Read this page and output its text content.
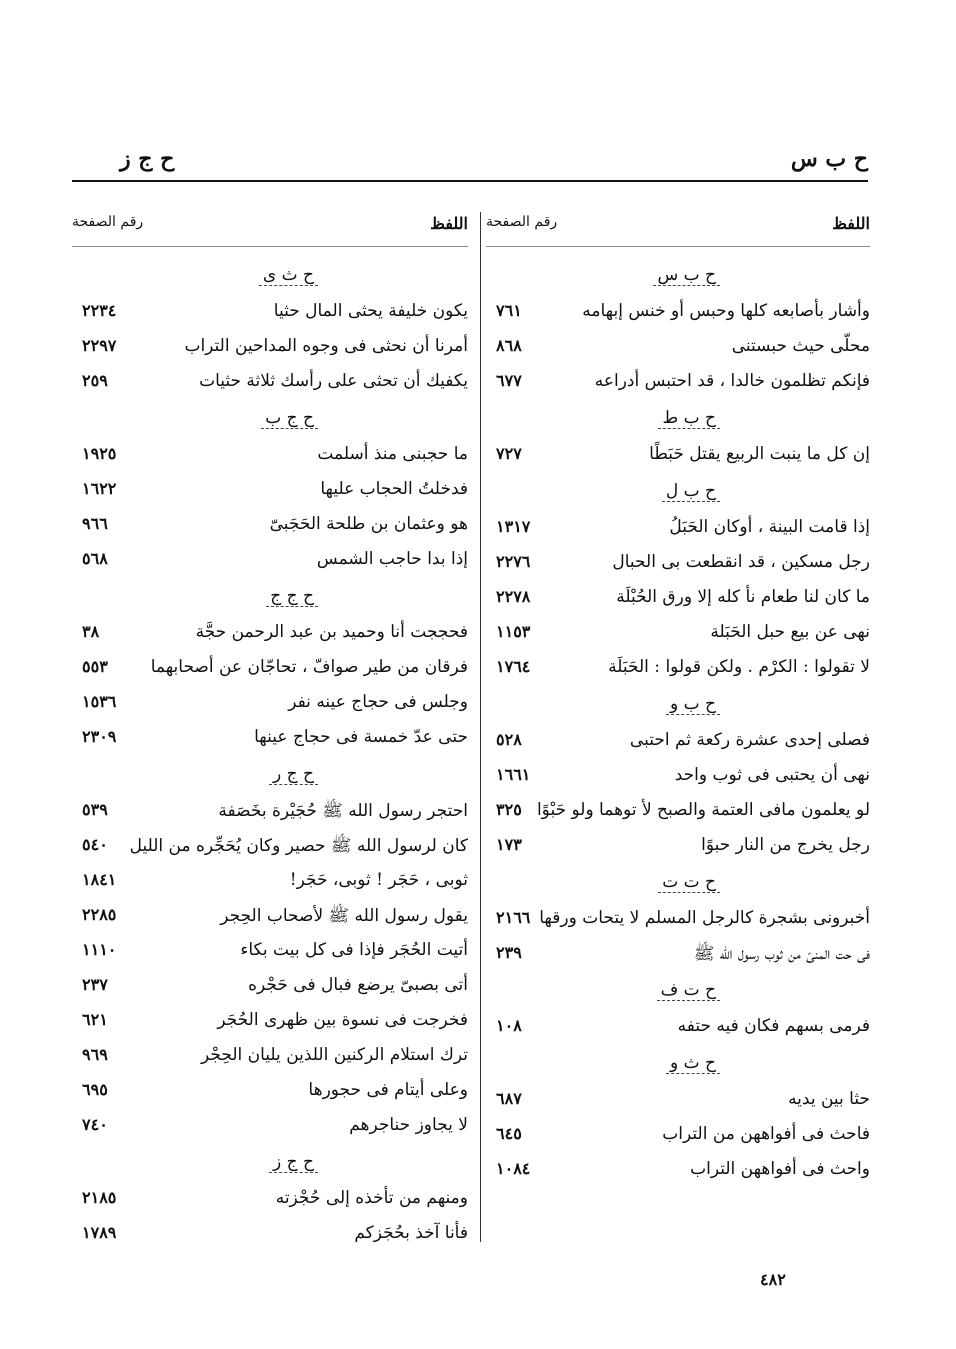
ح ب س
ح ج ز
اللفظ
رقم الصفحة
ح ب س
وأشار بأصابعه كلها وحبس أو خنس إبهامه
٧٦١
محلّى حيث حبستنى
٨٦٨
فإنكم تظلمون خالدا ، قد احتبس أدراعه
٦٧٧
ح ب ط
إن كل ما ينبت الربيع يقتل حَبَطًا
٧٢٧
ح ب ل
إذا قامت البينة ، أوكان الحَبَلُ
١٣١٧
رجل مسكين ، قد انقطعت بى الحبال
٢٢٧٦
ما كان لنا طعام نأ كله إلا ورق الحُبْلَة
٢٢٧٨
نهى عن بيع حبل الحَبَلة
١١٥٣
لا تقولوا : الكرْم . ولكن قولوا : الحَبَلَة
١٧٦٤
ح ب و
فصلى إحدى عشرة ركعة ثم احتبى
٥٢٨
نهى أن يحتبى فى ثوب واحد
١٦٦١
لو يعلمون مافى العتمة والصبح لأ توهما ولو حَبْوًا
٣٢٥
رجل يخرج من النار حبوًا
١٧٣
ح ت ت
أخبرونى بشجرة كالرجل المسلم لا يتحات ورقها
٢١٦٦
فى حت المنىّ من ثوب رسول الله ﷺ
٢٣٩
ح ت ف
فرمى بسهم فكان فيه حتفه
١٠٨
ح ث و
حثا بين يديه
٦٨٧
فاحث فى أفواههن من التراب
٦٤٥
واحث فى أفواههن التراب
١٠٨٤
اللفظ
رقم الصفحة
ح ث ى
يكون خليفة يحثى المال حثيا
٢٢٣٤
أمرنا أن نحثى فى وجوه المداحين التراب
٢٢٩٧
يكفيك أن تحثى على رأسك ثلاثة حثيات
٢٥٩
ح ج ب
ما حجبنى منذ أسلمت
١٩٢٥
فدخلتُ الحجاب عليها
١٦٢٢
هو وعثمان بن طلحة الحَجَبىّ
٩٦٦
إذا بدا حاجب الشمس
٥٦٨
ح ج ج
فحججت أنا وحميد بن عبد الرحمن حجَّة
٣٨
فرقان من طير صوافّ ، تحاجّان عن أصحابهما
٥٥٣
وجلس فى حجاج عينه نفر
١٥٣٦
حتى عدّ خمسة فى حجاج عينها
٢٣٠٩
ح ج ر
احتجر رسول الله ﷺ حُجَيْرة بخَصَفة
٥٣٩
كان لرسول الله ﷺ حصير وكان يُحَجِّره من الليل
٥٤٠
ثوبى ، حَجَر ! ثوبى، حَجَر!
١٨٤١
يقول رسول الله ﷺ لأصحاب الحِجر
٢٢٨٥
أتيت الحُجَر فإذا فى كل بيت بكاء
١١١٠
أتى بصبىّ يرضع فبال فى حَجْره
٢٣٧
فخرجت فى نسوة بين ظهرى الحُجَر
٦٢١
ترك استلام الركنين اللذين يليان الحِجْر
٩٦٩
وعلى أيتام فى حجورها
٦٩٥
لا يجاوز حناجرهم
٧٤٠
ح ج ز
ومنهم من تأخذه إلى حُجْزته
٢١٨٥
فأنا آخذ بحُجَزكم
١٧٨٩
٤٨٢
